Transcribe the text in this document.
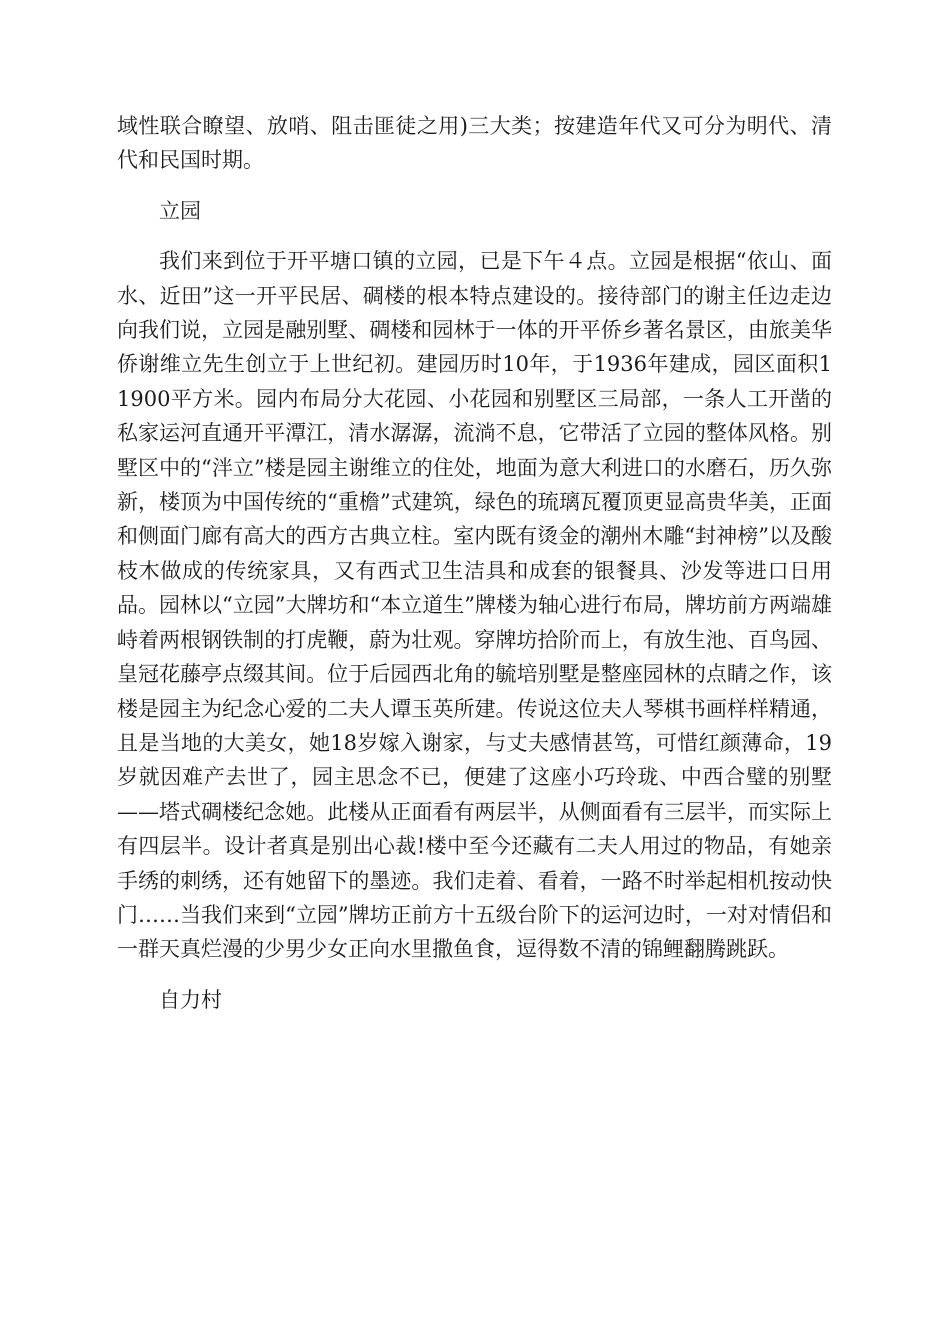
域性联合瞭望、放哨、阻击匪徒之用)三大类；按建造年代又可分为明代、清代和民国时期。

立园

我们来到位于开平塘口镇的立园，已是下午４点。立园是根据“依山、面水、近田”这一开平民居、碉楼的根本特点建设的。接待部门的谢主任边走边向我们说，立园是融别墅、碉楼和园林于一体的开平侨乡著名景区，由旅美华侨谢维立先生创立于上世纪初。建园历时10年，于1936年建成，园区面积11900平方米。园内布局分大花园、小花园和别墅区三局部，一条人工开凿的私家运河直通开平潭江，清水潺潺，流淌不息，它带活了立园的整体风格。别墅区中的“泮立”楼是园主谢维立的住处，地面为意大利进口的水磨石，历久弥新，楼顶为中国传统的“重檐”式建筑，绿色的琉璃瓦覆顶更显高贵华美，正面和侧面门廊有高大的西方古典立柱。室内既有烫金的潮州木雕“封神榜”以及酸枝木做成的传统家具，又有西式卫生洁具和成套的银餐具、沙发等进口日用品。园林以“立园”大牌坊和“本立道生”牌楼为轴心进行布局，牌坊前方两端雄峙着两根钢铁制的打虎鞭，蔚为壮观。穿牌坊拾阶而上，有放生池、百鸟园、皇冠花藤亭点缀其间。位于后园西北角的毓培别墅是整座园林的点睛之作，该楼是园主为纪念心爱的二夫人谭玉英所建。传说这位夫人琴棋书画样样精通，且是当地的大美女，她18岁嫁入谢家，与丈夫感情甚笃，可惜红颜薄命，19岁就因难产去世了，园主思念不已，便建了这座小巧玲珑、中西合璧的别墅——塔式碉楼纪念她。此楼从正面看有两层半，从侧面看有三层半，而实际上有四层半。设计者真是别出心裁!楼中至今还藏有二夫人用过的物品，有她亲手绣的刺绣，还有她留下的墨迹。我们走着、看着，一路不时举起相机按动快门……当我们来到“立园”牌坊正前方十五级台阶下的运河边时，一对对情侣和一群天真烂漫的少男少女正向水里撒鱼食，逗得数不清的锦鲤翻腾跳跃。

自力村
